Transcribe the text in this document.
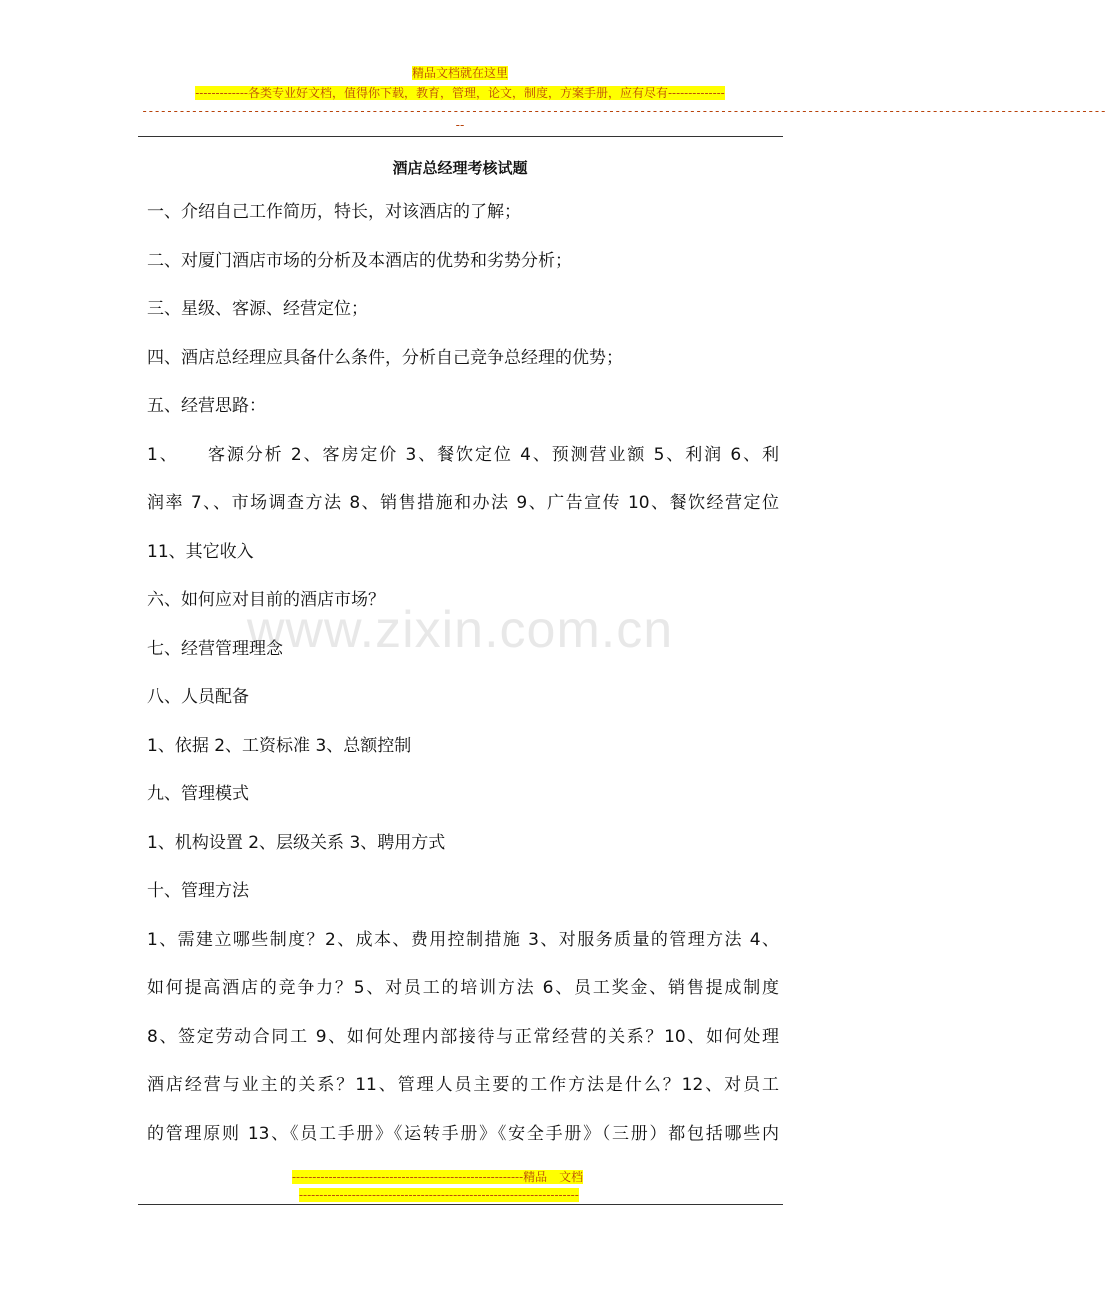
精品文档就在这里
-------------各类专业好文档，值得你下载，教育，管理，论文，制度，方案手册，应有尽有--------------
-----------------------------------------------------------------------------------------------------------------------------------------------------------
--
酒店总经理考核试题
www.zixin.com.cn
一、介绍自己工作简历，特长，对该酒店的了解；
二、对厦门酒店市场的分析及本酒店的优势和劣势分析；
三、星级、客源、经营定位；
四、酒店总经理应具备什么条件，分析自己竞争总经理的优势；
五、经营思路：
1、　　客源分析 2、客房定价 3、餐饮定位 4、预测营业额 5、利润 6、利
润率 7、、市场调查方法 8、销售措施和办法 9、广告宣传 10、餐饮经营定位
11、其它收入
六、如何应对目前的酒店市场？
七、经营管理理念
八、人员配备
1、依据 2、工资标准 3、总额控制
九、管理模式
1、机构设置 2、层级关系 3、聘用方式
十、管理方法
1、需建立哪些制度？2、成本、费用控制措施 3、对服务质量的管理方法 4、
如何提高酒店的竞争力？5、对员工的培训方法 6、员工奖金、销售提成制度
8、签定劳动合同工 9、如何处理内部接待与正常经营的关系？10、如何处理
酒店经营与业主的关系？11、管理人员主要的工作方法是什么？12、对员工
的管理原则 13、《员工手册》《运转手册》《安全手册》（三册）都包括哪些内
---------------------------------------------------------精品　文档
---------------------------------------------------------------------
